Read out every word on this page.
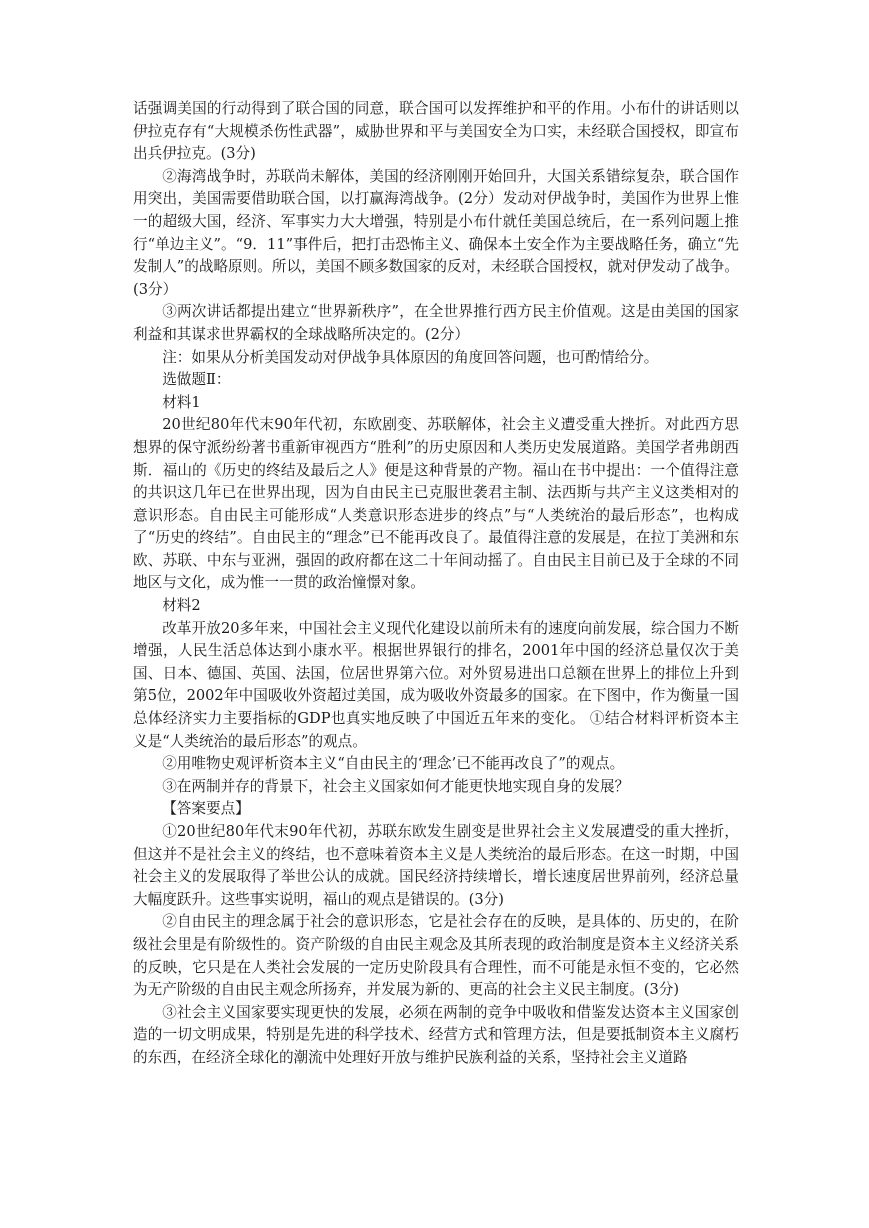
话强调美国的行动得到了联合国的同意，联合国可以发挥维护和平的作用。小布什的讲话则以伊拉克存有“大规模杀伤性武器”，威胁世界和平与美国安全为口实，未经联合国授权，即宣布出兵伊拉克。(3分)

②海湾战争时，苏联尚未解体，美国的经济刚刚开始回升，大国关系错综复杂，联合国作用突出，美国需要借助联合国，以打赢海湾战争。(2分）发动对伊战争时，美国作为世界上惟一的超级大国，经济、军事实力大大增强，特别是小布什就任美国总统后，在一系列问题上推行“单边主义”。“9．11”事件后，把打击恐怖主义、确保本土安全作为主要战略任务，确立“先发制人”的战略原则。所以，美国不顾多数国家的反对，未经联合国授权，就对伊发动了战争。(3分）

③两次讲话都提出建立“世界新秩序”，在全世界推行西方民主价值观。这是由美国的国家利益和其谋求世界霸权的全球战略所决定的。(2分）

注：如果从分析美国发动对伊战争具体原因的角度回答问题，也可酌情给分。

选做题Ⅱ：

材料1

20世纪80年代末90年代初，东欧剧变、苏联解体，社会主义遭受重大挫折。对此西方思想界的保守派纷纷著书重新审视西方“胜利”的历史原因和人类历史发展道路。美国学者弗朗西斯．福山的《历史的终结及最后之人》便是这种背景的产物。福山在书中提出：一个值得注意的共识这几年已在世界出现，因为自由民主已克服世袭君主制、法西斯与共产主义这类相对的意识形态。自由民主可能形成“人类意识形态进步的终点”与“人类统治的最后形态”，也构成了“历史的终结”。自由民主的“理念”已不能再改良了。最值得注意的发展是，在拉丁美洲和东欧、苏联、中东与亚洲，强固的政府都在这二十年间动摇了。自由民主目前已及于全球的不同地区与文化，成为惟一一贯的政治憧憬对象。

材料2

改革开放20多年来，中国社会主义现代化建设以前所未有的速度向前发展，综合国力不断增强，人民生活总体达到小康水平。根据世界银行的排名，2001年中国的经济总量仅次于美国、日本、德国、英国、法国，位居世界第六位。对外贸易进出口总额在世界上的排位上升到第5位，2002年中国吸收外资超过美国，成为吸收外资最多的国家。在下图中，作为衡量一国总体经济实力主要指标的GDP也真实地反映了中国近五年来的变化。 ①结合材料评析资本主义是“人类统治的最后形态”的观点。

②用唯物史观评析资本主义“自由民主的‘理念’已不能再改良了”的观点。

③在两制并存的背景下，社会主义国家如何才能更快地实现自身的发展？

【答案要点】

①20世纪80年代末90年代初，苏联东欧发生剧变是世界社会主义发展遭受的重大挫折，但这并不是社会主义的终结，也不意味着资本主义是人类统治的最后形态。在这一时期，中国社会主义的发展取得了举世公认的成就。国民经济持续增长，增长速度居世界前列，经济总量大幅度跃升。这些事实说明，福山的观点是错误的。(3分)

②自由民主的理念属于社会的意识形态，它是社会存在的反映，是具体的、历史的，在阶级社会里是有阶级性的。资产阶级的自由民主观念及其所表现的政治制度是资本主义经济关系的反映，它只是在人类社会发展的一定历史阶段具有合理性，而不可能是永恒不变的，它必然为无产阶级的自由民主观念所扬弃，并发展为新的、更高的社会主义民主制度。(3分)

③社会主义国家要实现更快的发展，必须在两制的竞争中吸收和借鉴发达资本主义国家创造的一切文明成果，特别是先进的科学技术、经营方式和管理方法，但是要抵制资本主义腐朽的东西，在经济全球化的潮流中处理好开放与维护民族利益的关系，坚持社会主义道路
